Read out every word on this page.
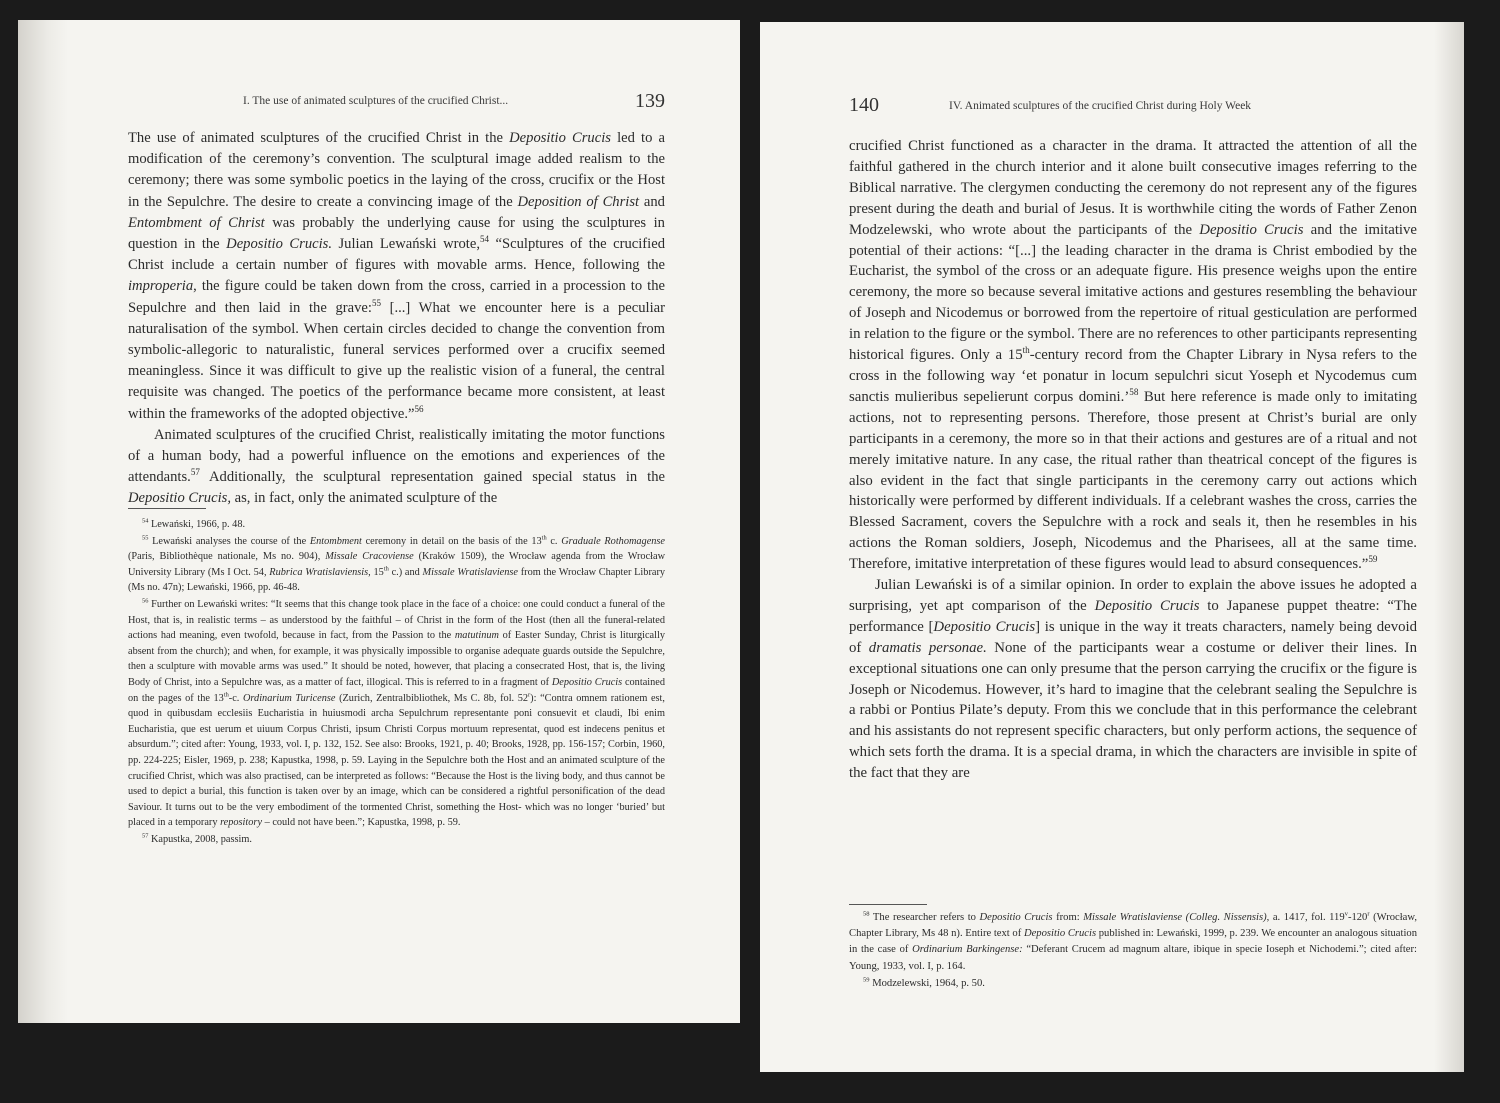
I. The use of animated sculptures of the crucified Christ...	139

The use of animated sculptures of the crucified Christ in the Depositio Crucis led to a modification of the ceremony’s convention. The sculptural image added realism to the ceremony; there was some symbolic poetics in the laying of the cross, crucifix or the Host in the Sepulchre. The desire to create a convincing image of the Deposition of Christ and Entombment of Christ was probably the underlying cause for using the sculptures in question in the Depositio Crucis. Julian Lewański wrote,$^{54}$ “Sculptures of the crucified Christ include a certain number of figures with movable arms. Hence, following the improperia, the figure could be taken down from the cross, carried in a procession to the Sepulchre and then laid in the grave:$^{55}$ [...] What we encounter here is a peculiar naturalisation of the symbol. When certain circles decided to change the convention from symbolic-allegoric to naturalistic, funeral services performed over a crucifix seemed meaningless. Since it was difficult to give up the realistic vision of a funeral, the central requisite was changed. The poetics of the performance became more consistent, at least within the frameworks of the adopted objective.”$^{56}$

Animated sculptures of the crucified Christ, realistically imitating the motor functions of a human body, had a powerful influence on the emotions and experiences of the attendants.$^{57}$ Additionally, the sculptural representation gained special status in the Depositio Crucis, as, in fact, only the animated sculpture of the

$^{54}$ Lewański, 1966, p. 48.

$^{55}$ Lewański analyses the course of the Entombment ceremony in detail on the basis of the 13th c. Graduale Rothomagense (Paris, Bibliothèque nationale, Ms no. 904), Missale Cracoviense (Kraków 1509), the Wrocław agenda from the Wrocław University Library (Ms I Oct. 54, Rubrica Wratislaviensis, 15th c.) and Missale Wratislaviense from the Wrocław Chapter Library (Ms no. 47n); Lewański, 1966, pp. 46-48.

$^{56}$ Further on Lewański writes: “It seems that this change took place in the face of a choice: one could conduct a funeral of the Host, that is, in realistic terms – as understood by the faithful – of Christ in the form of the Host (then all the funeral-related actions had meaning, even twofold, because in fact, from the Passion to the matutinum of Easter Sunday, Christ is liturgically absent from the church); and when, for example, it was physically impossible to organise adequate guards outside the Sepulchre, then a sculpture with movable arms was used.” It should be noted, however, that placing a consecrated Host, that is, the living Body of Christ, into a Sepulchre was, as a matter of fact, illogical. This is referred to in a fragment of Depositio Crucis contained on the pages of the 13th-c. Ordinarium Turicense (Zurich, Zentralbibliothek, Ms C. 8b, fol. 52$^r$): “Contra omnem rationem est, quod in quibusdam ecclesiis Eucharistia in huiusmodi archa Sepulchrum representante poni consuevit et claudi, Ibi enim Eucharistia, que est uerum et uiuum Corpus Christi, ipsum Christi Corpus mortuum representat, quod est indecens penitus et absurdum.”; cited after: Young, 1933, vol. I, p. 132, 152. See also: Brooks, 1921, p. 40; Brooks, 1928, pp. 156-157; Corbin, 1960, pp. 224-225; Eisler, 1969, p. 238; Kapustka, 1998, p. 59. Laying in the Sepulchre both the Host and an animated sculpture of the crucified Christ, which was also practised, can be interpreted as follows: “Because the Host is the living body, and thus cannot be used to depict a burial, this function is taken over by an image, which can be considered a rightful personification of the dead Saviour. It turns out to be the very embodiment of the tormented Christ, something the Host- which was no longer ‘buried’ but placed in a temporary repository – could not have been.”; Kapustka, 1998, p. 59.

$^{57}$ Kapustka, 2008, passim.

140	IV. Animated sculptures of the crucified Christ during Holy Week

crucified Christ functioned as a character in the drama. It attracted the attention of all the faithful gathered in the church interior and it alone built consecutive images referring to the Biblical narrative. The clergymen conducting the ceremony do not represent any of the figures present during the death and burial of Jesus. It is worthwhile citing the words of Father Zenon Modzelewski, who wrote about the participants of the Depositio Crucis and the imitative potential of their actions: “[...] the leading character in the drama is Christ embodied by the Eucharist, the symbol of the cross or an adequate figure. His presence weighs upon the entire ceremony, the more so because several imitative actions and gestures resembling the behaviour of Joseph and Nicodemus or borrowed from the repertoire of ritual gesticulation are performed in relation to the figure or the symbol. There are no references to other participants representing historical figures. Only a 15th-century record from the Chapter Library in Nysa refers to the cross in the following way ‘et ponatur in locum sepulchri sicut Yoseph et Nycodemus cum sanctis mulieribus sepelierunt corpus domini.’$^{58}$ But here reference is made only to imitating actions, not to representing persons. Therefore, those present at Christ’s burial are only participants in a ceremony, the more so in that their actions and gestures are of a ritual and not merely imitative nature. In any case, the ritual rather than theatrical concept of the figures is also evident in the fact that single participants in the ceremony carry out actions which historically were performed by different individuals. If a celebrant washes the cross, carries the Blessed Sacrament, covers the Sepulchre with a rock and seals it, then he resembles in his actions the Roman soldiers, Joseph, Nicodemus and the Pharisees, all at the same time. Therefore, imitative interpretation of these figures would lead to absurd consequences.”$^{59}$

Julian Lewański is of a similar opinion. In order to explain the above issues he adopted a surprising, yet apt comparison of the Depositio Crucis to Japanese puppet theatre: “The performance [Depositio Crucis] is unique in the way it treats characters, namely being devoid of dramatis personae. None of the participants wear a costume or deliver their lines. In exceptional situations one can only presume that the person carrying the crucifix or the figure is Joseph or Nicodemus. However, it’s hard to imagine that the celebrant sealing the Sepulchre is a rabbi or Pontius Pilate’s deputy. From this we conclude that in this performance the celebrant and his assistants do not represent specific characters, but only perform actions, the sequence of which sets forth the drama. It is a special drama, in which the characters are invisible in spite of the fact that they are

$^{58}$ The researcher refers to Depositio Crucis from: Missale Wratislaviense (Colleg. Nissensis), a. 1417, fol. 119$^v$-120$^r$ (Wrocław, Chapter Library, Ms 48 n). Entire text of Depositio Crucis published in: Lewański, 1999, p. 239. We encounter an analogous situation in the case of Ordinarium Barkingense: “Deferant Crucem ad magnum altare, ibique in specie Ioseph et Nichodemi.”; cited after: Young, 1933, vol. I, p. 164.

$^{59}$ Modzelewski, 1964, p. 50.
